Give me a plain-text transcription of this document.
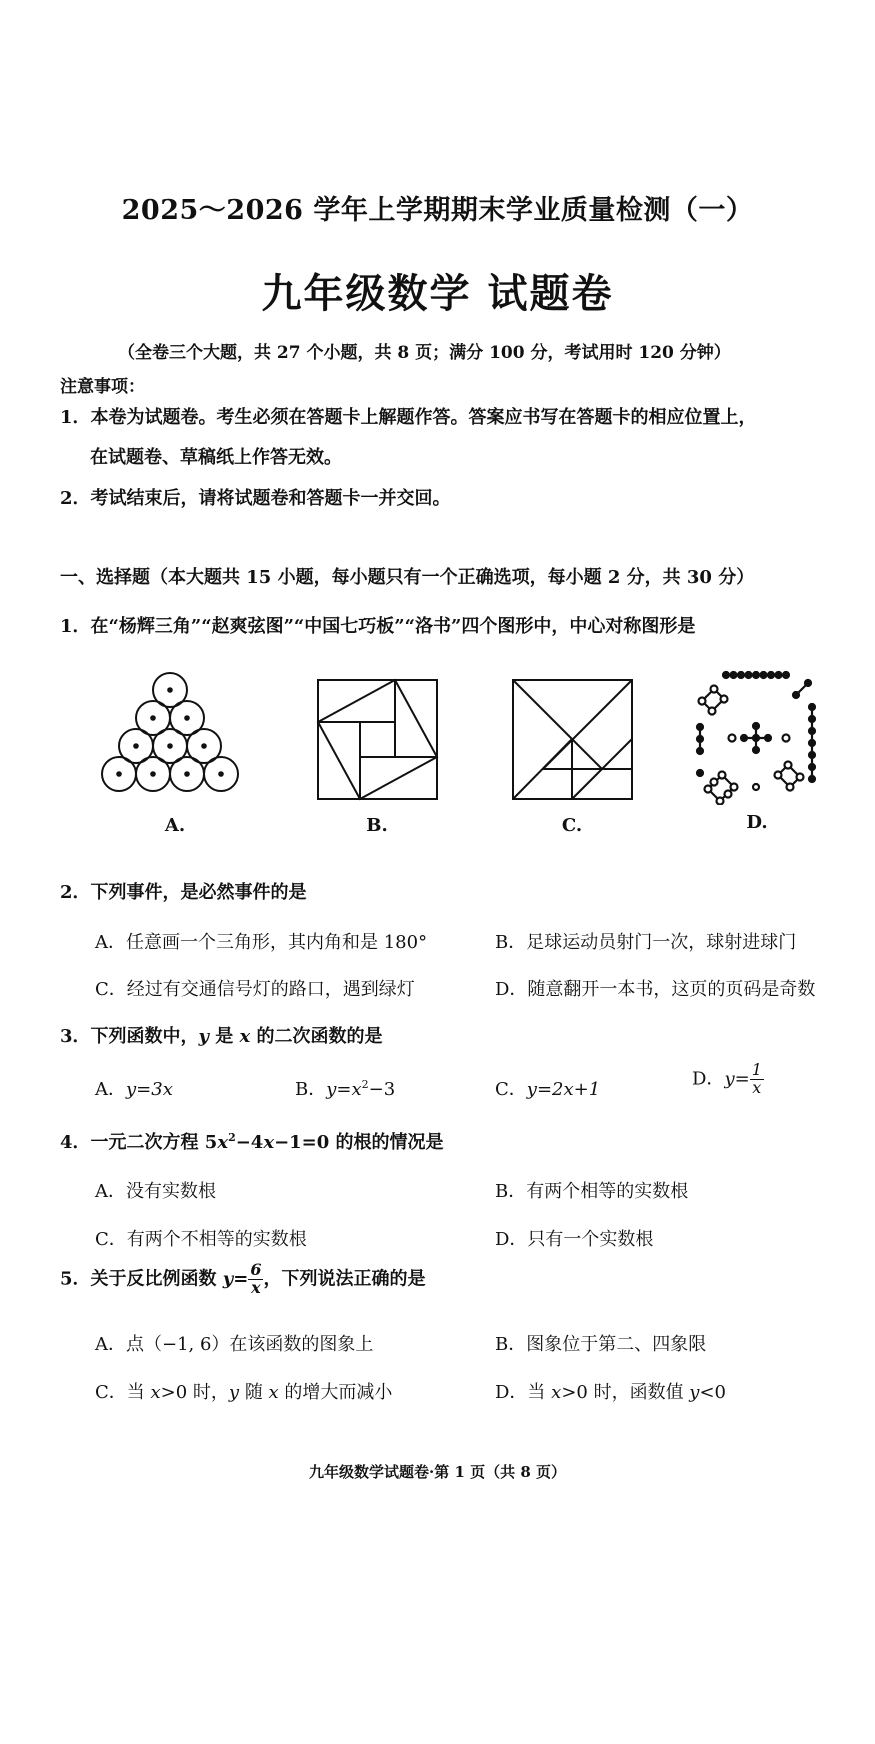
2025～2026 学年上学期期末学业质量检测（一）
九年级数学 试题卷
（全卷三个大题，共 27 个小题，共 8 页；满分 100 分，考试用时 120 分钟）
注意事项：
1．本卷为试题卷。考生必须在答题卡上解题作答。答案应书写在答题卡的相应位置上，
在试题卷、草稿纸上作答无效。
2．考试结束后，请将试题卷和答题卡一并交回。
一、选择题（本大题共 15 小题，每小题只有一个正确选项，每小题 2 分，共 30 分）
1．在“杨辉三角”“赵爽弦图”“中国七巧板”“洛书”四个图形中，中心对称图形是
A.	B.	C.	D.
2．下列事件，是必然事件的是
A．任意画一个三角形，其内角和是 180°	B．足球运动员射门一次，球射进球门
C．经过有交通信号灯的路口，遇到绿灯	D．随意翻开一本书，这页的页码是奇数
3．下列函数中，y 是 x 的二次函数的是
A．y=3x	B．$y=x^2-3$	C．y=2x+1
D．$y= \frac{1}{x}$
4．一元二次方程 $5x^2-4x-1=0$ 的根的情况是
A．没有实数根	B．有两个相等的实数根
C．有两个不相等的实数根	D．只有一个实数根
5．关于反比例函数 $y= \frac{6}{x}$ ，下列说法正确的是
A．点（−1, 6）在该函数的图象上	B．图象位于第二、四象限
C．当 x>0 时，y 随 x 的增大而减小	D．当 x>0 时，函数值 y<0
九年级数学试题卷·第 1 页（共 8 页）
